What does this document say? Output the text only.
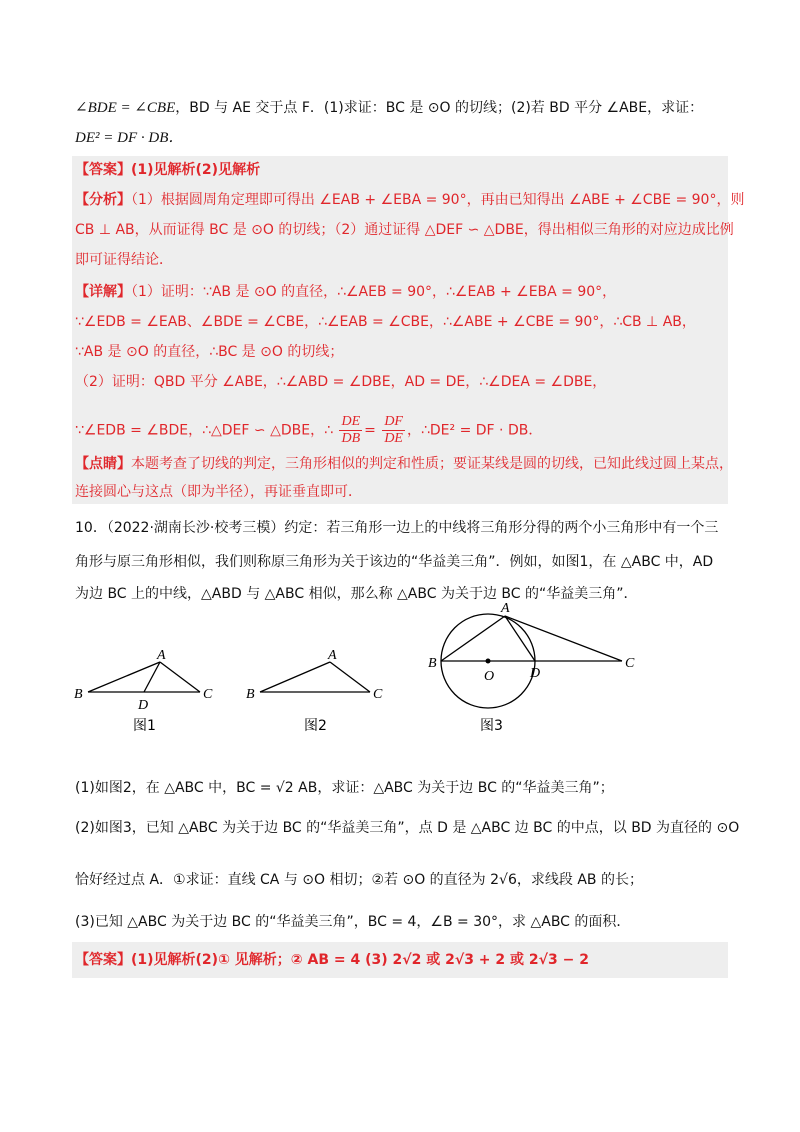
∠BDE = ∠CBE，BD 与 AE 交于点 F．(1)求证：BC 是 ⊙O 的切线；(2)若 BD 平分 ∠ABE，求证：
DE² = DF · DB．
【答案】(1)见解析(2)见解析
【分析】（1）根据圆周角定理即可得出 ∠EAB + ∠EBA = 90°，再由已知得出 ∠ABE + ∠CBE = 90°，则
CB ⊥ AB，从而证得 BC 是 ⊙O 的切线；（2）通过证得 △DEF ∽ △DBE，得出相似三角形的对应边成比例
即可证得结论．
【详解】（1）证明：∵AB 是 ⊙O 的直径，∴∠AEB = 90°，∴∠EAB + ∠EBA = 90°，
∵∠EDB = ∠EAB、∠BDE = ∠CBE，∴∠EAB = ∠CBE，∴∠ABE + ∠CBE = 90°，∴CB ⊥ AB，
∵AB 是 ⊙O 的直径，∴BC 是 ⊙O 的切线；
（2）证明：QBD 平分 ∠ABE，∴∠ABD = ∠DBE，AD = DE，∴∠DEA = ∠DBE，
∵∠EDB = ∠BDE，∴△DEF ∽ △DBE，∴ $\frac{DE}{DB} = \frac{DF}{DE}$ ，∴DE² = DF · DB．
【点睛】本题考查了切线的判定，三角形相似的判定和性质；要证某线是圆的切线，已知此线过圆上某点，
连接圆心与这点（即为半径），再证垂直即可．
10．（2022·湖南长沙·校考三模）约定：若三角形一边上的中线将三角形分得的两个小三角形中有一个三
角形与原三角形相似，我们则称原三角形为关于该边的“华益美三角”．例如，如图1，在 △ABC 中，AD
为边 BC 上的中线，△ABD 与 △ABC 相似，那么称 △ABC 为关于边 BC 的“华益美三角”．
A
B	C
D
图1
A
B	C
图2
A
B	C
D
O
图3
(1)如图2，在 △ABC 中，BC = √2 AB，求证：△ABC 为关于边 BC 的“华益美三角”；
(2)如图3，已知 △ABC 为关于边 BC 的“华益美三角”，点 D 是 △ABC 边 BC 的中点，以 BD 为直径的 ⊙O
恰好经过点 A．①求证：直线 CA 与 ⊙O 相切；②若 ⊙O 的直径为 2√6，求线段 AB 的长；
(3)已知 △ABC 为关于边 BC 的“华益美三角”，BC = 4，∠B = 30°，求 △ABC 的面积．
【答案】(1)见解析(2)① 见解析；② AB = 4 (3) 2√2 或 2√3 + 2 或 2√3 − 2
